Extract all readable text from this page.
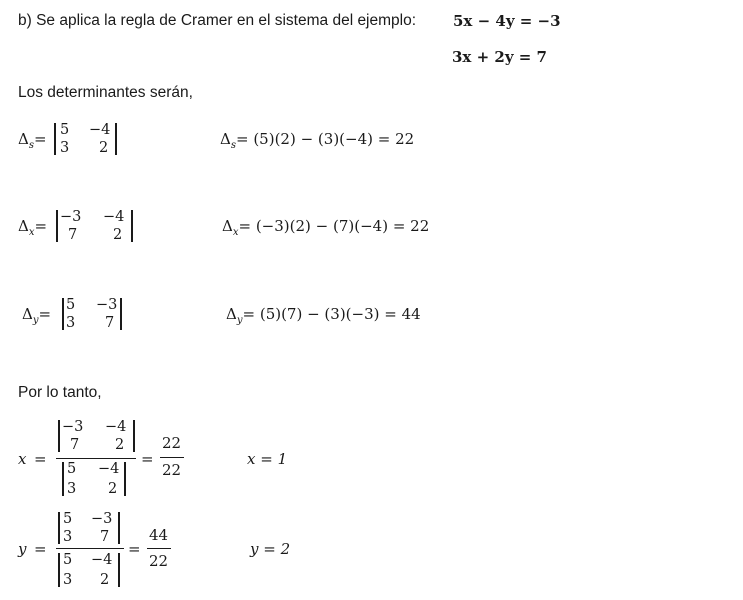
b) Se aplica la regla de Cramer en el sistema del ejemplo: 5x − 4y = −3
3x + 2y = 7
Los determinantes serán,
$\Delta_s= 5 -4$
3 2	$\Delta_s= (5)(2) - (3)(-4) = 22$
$\Delta_x= -3 -4$
7 2	$\Delta_x= (-3)(2) - (7)(-4) = 22$
$\Delta_y= 5 -3$
3 7	$\Delta_y= (5)(7) - (3)(-3) = 44$
Por lo tanto,
x =
−3 −4
7 2
5 −4
3 2
=
22
22
x = 1
y =
5 −3
3 7
5 −4
3 2
=
44
22
y = 2
